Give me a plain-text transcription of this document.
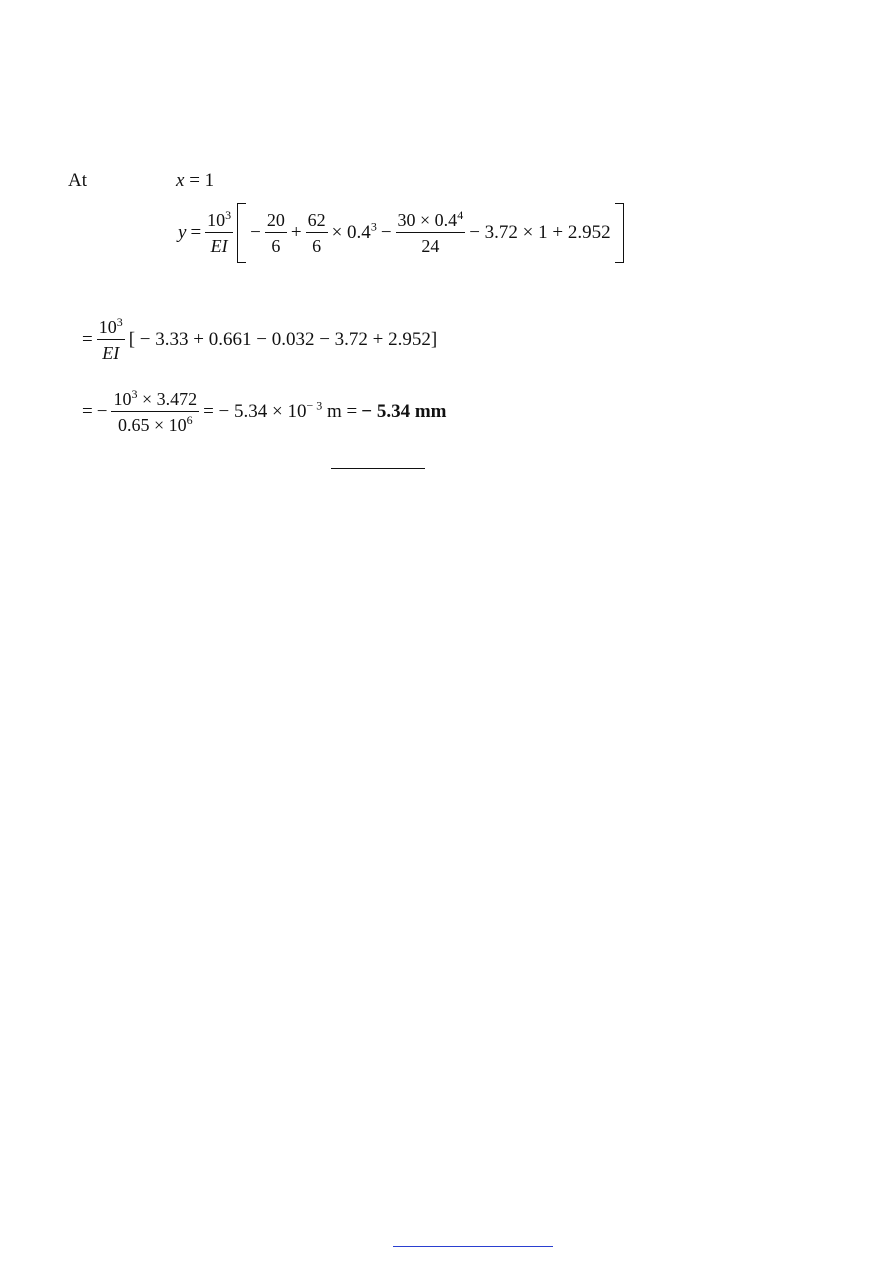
At	x = 1
$y = \frac{10^3}{EI} - \frac{20}{6} + \frac{62}{6} \times 0.4^3 - \frac{30 \times 0.4^4}{24} - 3.72 \times 1 + 2.952$
= $\frac{10^3}{EI}$ [ − 3.33 + 0.661 − 0.032 − 3.72 + 2.952]
= − $\frac{10^3 \times 3.472}{0.65 \times 10^6}$ = − $5.34 \times 10^{- 3}$ m = − 5.34 mm
